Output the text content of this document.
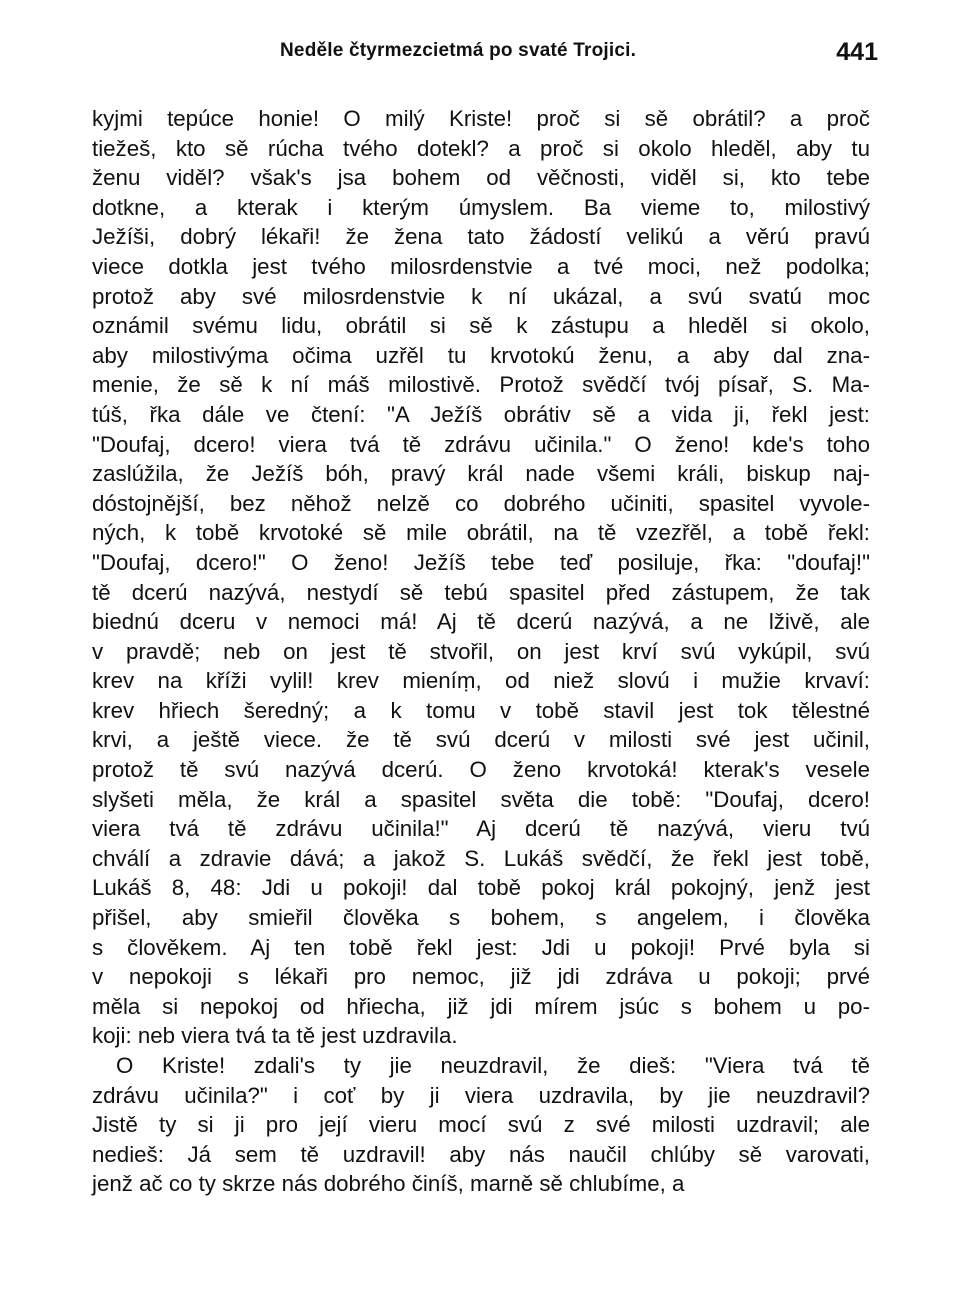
Neděle čtyrmezcietmá po svaté Trojici.	441
kyjmi tepúce honie! O milý Kriste! proč si sě obrátil? a proč
tiežeš, kto sě rúcha tvého dotekl? a proč si okolo hleděl, aby tu
ženu viděl? však's jsa bohem od věčnosti, viděl si, kto tebe
dotkne, a kterak i kterým úmyslem. Ba vieme to, milostivý
Ježíši, dobrý lékaři! že žena tato žádostí velikú a věrú pravú
viece dotkla jest tvého milosrdenstvie a tvé moci, než podolka;
protož aby své milosrdenstvie k ní ukázal, a svú svatú moc
oznámil svému lidu, obrátil si sě k zástupu a hleděl si okolo,
aby milostivýma očima uzřěl tu krvotokú ženu, a aby dal zna-
menie, že sě k ní máš milostivě. Protož svědčí tvój písař, S. Ma-
túš, řka dále ve čtení: "A Ježíš obrátiv sě a vida ji, řekl jest:
"Doufaj, dcero! viera tvá tě zdrávu učinila." O ženo! kde's toho
zaslúžila, že Ježíš bóh, pravý král nade všemi králi, biskup naj-
dóstojnější, bez něhož nelzě co dobrého učiniti, spasitel vyvole-
ných, k tobě krvotoké sě mile obrátil, na tě vzezřěl, a tobě řekl:
"Doufaj, dcero!" O ženo! Ježíš tebe teď posiluje, řka: "doufaj!"
tě dcerú nazývá, nestydí sě tebú spasitel před zástupem, že tak
biednú dceru v nemoci má! Aj tě dcerú nazývá, a ne lživě, ale
v pravdě; neb on jest tě stvořil, on jest krví svú vykúpil, svú
krev na kříži vylil! krev mieníṃ, od niež slovú i mužie krvaví:
krev hřiech šeredný; a k tomu v tobě stavil jest tok tělestné
krvi, a ještě viece. že tě svú dcerú v milosti své jest učinil,
protož tě svú nazývá dcerú. O ženo krvotoká! kterak's vesele
slyšeti měla, že král a spasitel světa die tobě: "Doufaj, dcero!
viera tvá tě zdrávu učinila!" Aj dcerú tě nazývá, vieru tvú
chválí a zdravie dává; a jakož S. Lukáš svědčí, že řekl jest tobě,
Lukáš 8, 48: Jdi u pokoji! dal tobě pokoj král pokojný, jenž jest
přišel, aby smieřil člověka s bohem, s angelem, i člověka
s člověkem. Aj ten tobě řekl jest: Jdi u pokoji! Prvé byla si
v nepokoji s lékaři pro nemoc, již jdi zdráva u pokoji; prvé
měla si nepokoj od hřiecha, již jdi mírem jsúc s bohem u po-
koji: neb viera tvá ta tě jest uzdravila.
O Kriste! zdali's ty jie neuzdravil, že dieš: "Viera tvá tě
zdrávu učinila?" i coť by ji viera uzdravila, by jie neuzdravil?
Jistě ty si ji pro její vieru mocí svú z své milosti uzdravil; ale
nedieš: Já sem tě uzdravil! aby nás naučil chlúby sě varovati,
jenž ač co ty skrze nás dobrého činíš, marně sě chlubíme, a
